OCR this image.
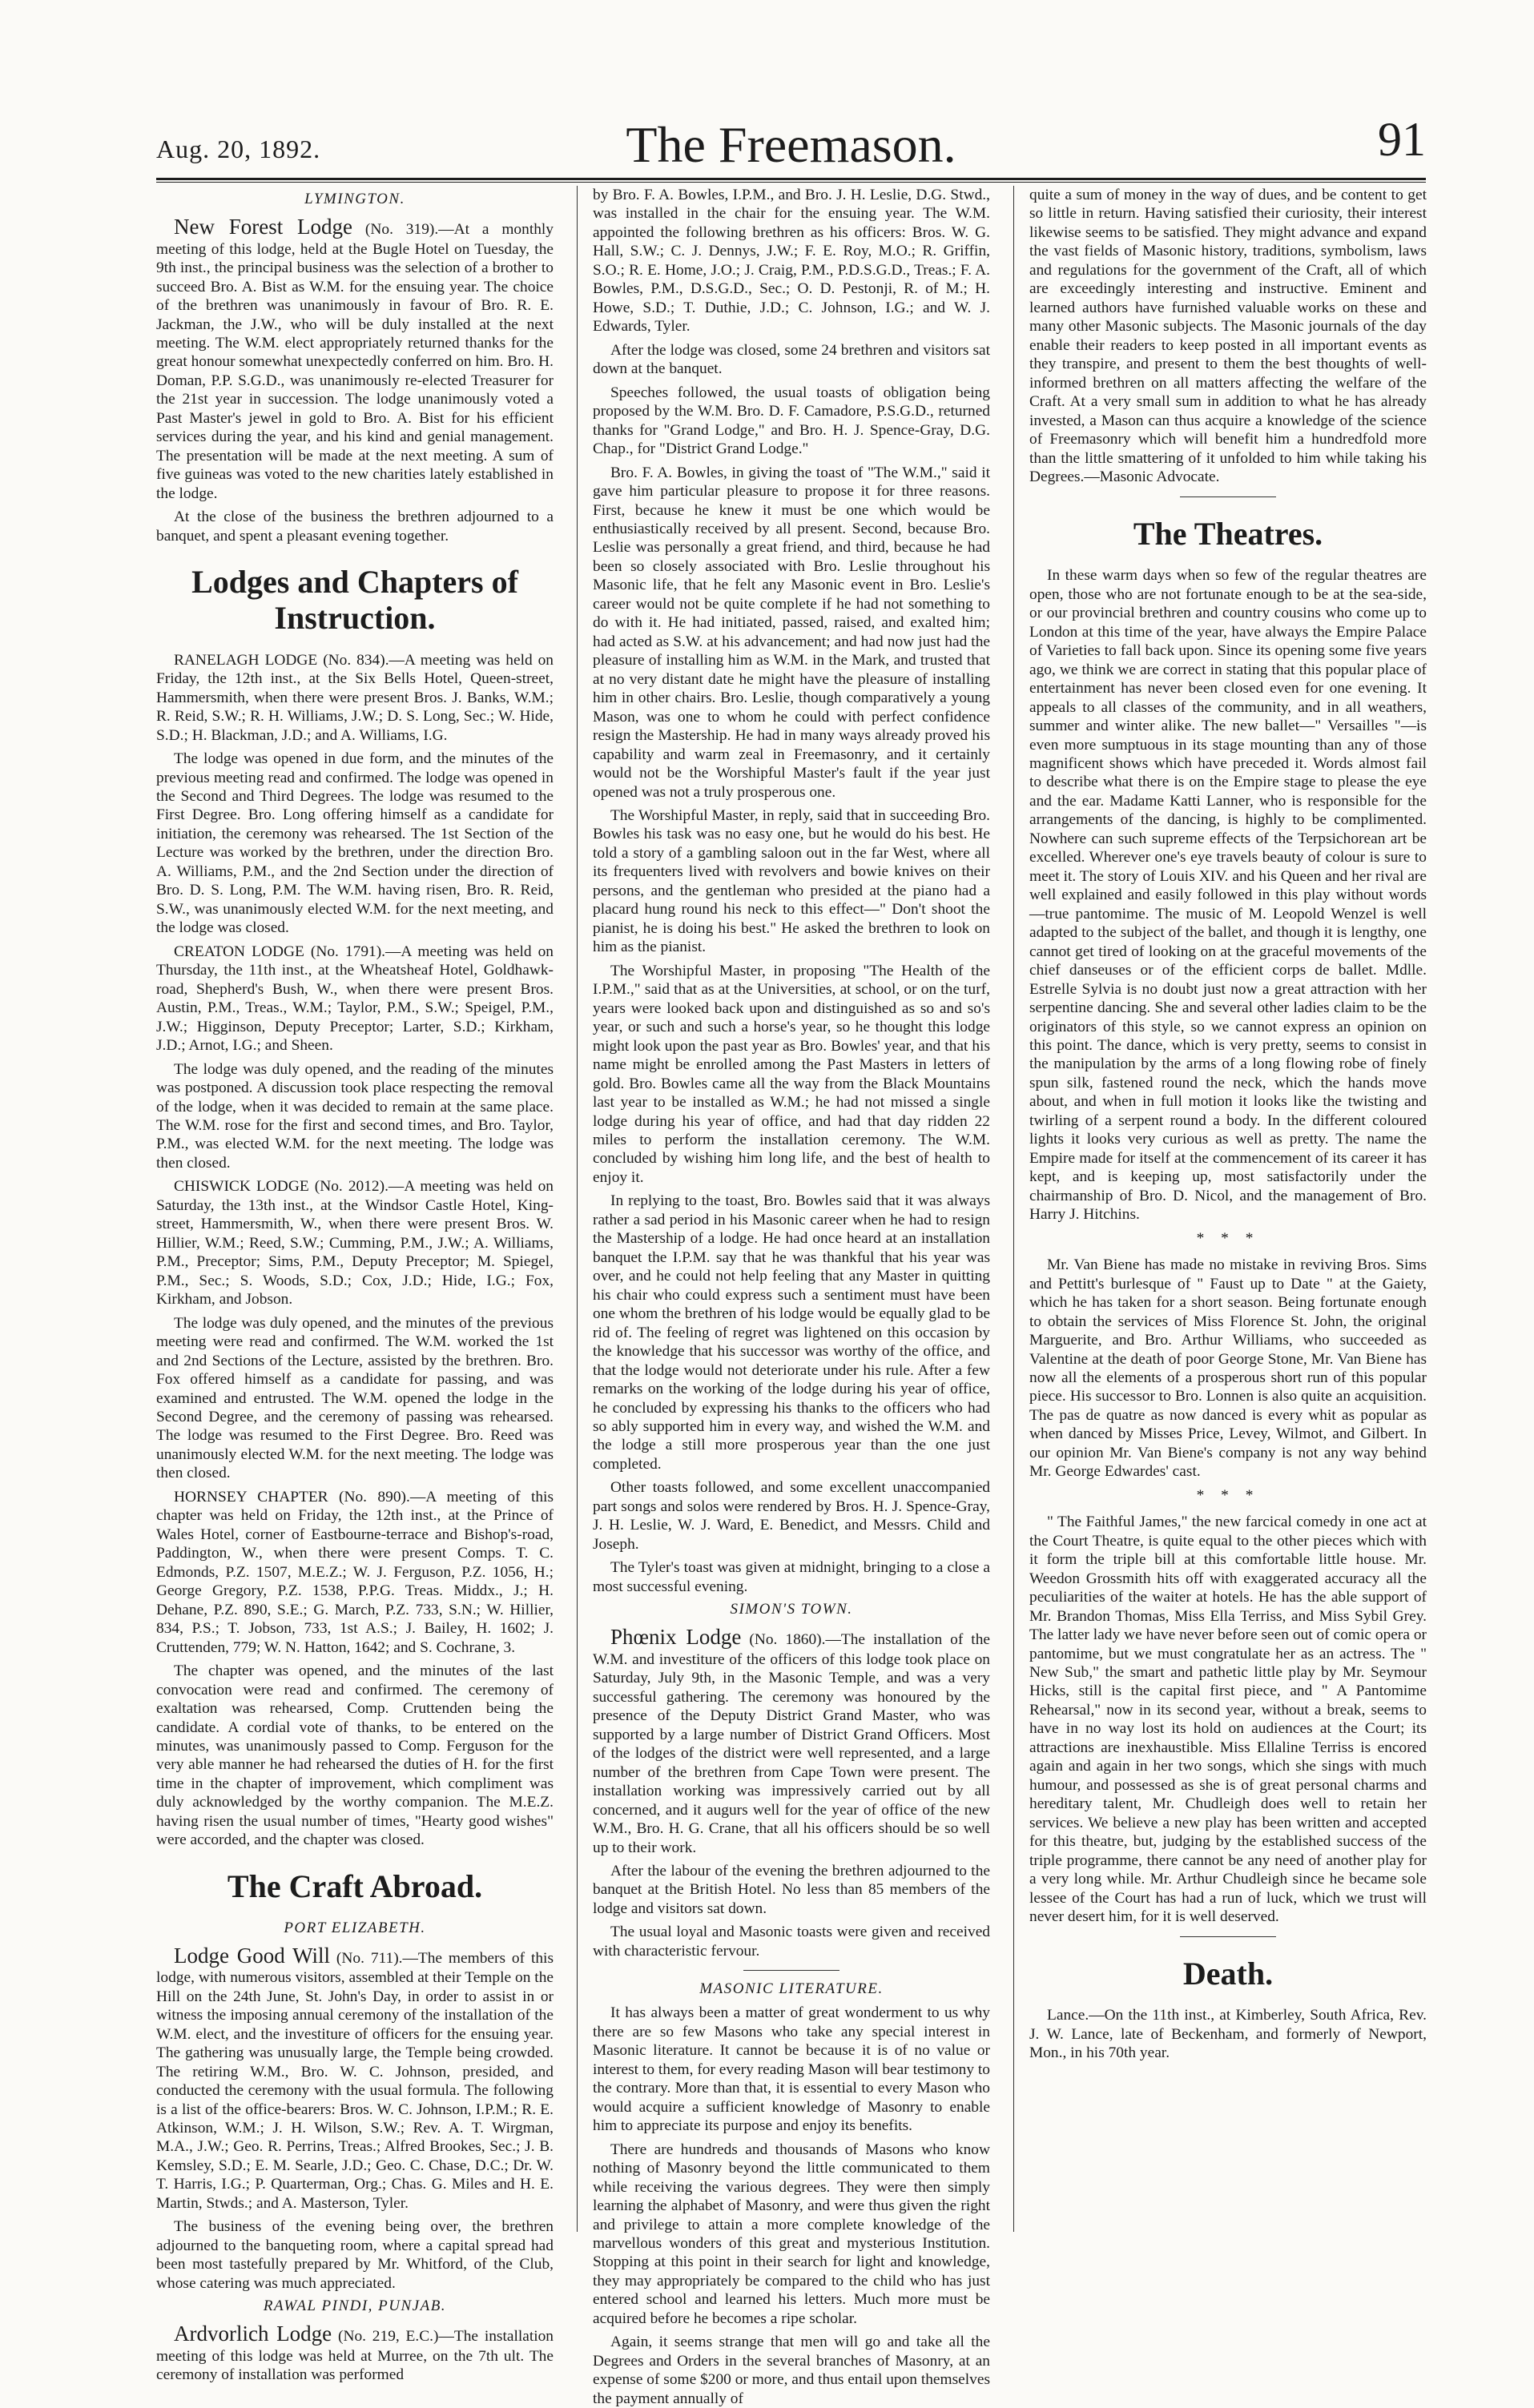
Aug. 20, 1892.	The Freemason.	91
LYMINGTON.

New Forest Lodge (No. 319).—At a monthly meeting of this lodge, held at the Bugle Hotel on Tuesday, the 9th inst., the principal business was the selection of a brother to succeed Bro. A. Bist as W.M. for the ensuing year. The choice of the brethren was unanimously in favour of Bro. R. E. Jackman, the J.W., who will be duly installed at the next meeting. The W.M. elect appropriately returned thanks for the great honour somewhat unexpectedly conferred on him. Bro. H. Doman, P.P. S.G.D., was unanimously re-elected Treasurer for the 21st year in succession. The lodge unanimously voted a Past Master's jewel in gold to Bro. A. Bist for his efficient services during the year, and his kind and genial management. The presentation will be made at the next meeting. A sum of five guineas was voted to the new charities lately established in the lodge.

At the close of the business the brethren adjourned to a banquet, and spent a pleasant evening together.

Lodges and Chapters of Instruction.

RANELAGH LODGE (No. 834).—A meeting was held on Friday, the 12th inst., at the Six Bells Hotel, Queen-street, Hammersmith, when there were present Bros. J. Banks, W.M.; R. Reid, S.W.; R. H. Williams, J.W.; D. S. Long, Sec.; W. Hide, S.D.; H. Blackman, J.D.; and A. Williams, I.G.

The lodge was opened in due form, and the minutes of the previous meeting read and confirmed. The lodge was opened in the Second and Third Degrees. The lodge was resumed to the First Degree. Bro. Long offering himself as a candidate for initiation, the ceremony was rehearsed. The 1st Section of the Lecture was worked by the brethren, under the direction Bro. A. Williams, P.M., and the 2nd Section under the direction of Bro. D. S. Long, P.M. The W.M. having risen, Bro. R. Reid, S.W., was unanimously elected W.M. for the next meeting, and the lodge was closed.

CREATON LODGE (No. 1791).—A meeting was held on Thursday, the 11th inst., at the Wheatsheaf Hotel, Goldhawk-road, Shepherd's Bush, W., when there were present Bros. Austin, P.M., Treas., W.M.; Taylor, P.M., S.W.; Speigel, P.M., J.W.; Higginson, Deputy Preceptor; Larter, S.D.; Kirkham, J.D.; Arnot, I.G.; and Sheen.

The lodge was duly opened, and the reading of the minutes was postponed. A discussion took place respecting the removal of the lodge, when it was decided to remain at the same place. The W.M. rose for the first and second times, and Bro. Taylor, P.M., was elected W.M. for the next meeting. The lodge was then closed.

CHISWICK LODGE (No. 2012).—A meeting was held on Saturday, the 13th inst., at the Windsor Castle Hotel, King-street, Hammersmith, W., when there were present Bros. W. Hillier, W.M.; Reed, S.W.; Cumming, P.M., J.W.; A. Williams, P.M., Preceptor; Sims, P.M., Deputy Preceptor; M. Spiegel, P.M., Sec.; S. Woods, S.D.; Cox, J.D.; Hide, I.G.; Fox, Kirkham, and Jobson.

The lodge was duly opened, and the minutes of the previous meeting were read and confirmed. The W.M. worked the 1st and 2nd Sections of the Lecture, assisted by the brethren. Bro. Fox offered himself as a candidate for passing, and was examined and entrusted. The W.M. opened the lodge in the Second Degree, and the ceremony of passing was rehearsed. The lodge was resumed to the First Degree. Bro. Reed was unanimously elected W.M. for the next meeting. The lodge was then closed.

HORNSEY CHAPTER (No. 890).—A meeting of this chapter was held on Friday, the 12th inst., at the Prince of Wales Hotel, corner of Eastbourne-terrace and Bishop's-road, Paddington, W., when there were present Comps. T. C. Edmonds, P.Z. 1507, M.E.Z.; W. J. Ferguson, P.Z. 1056, H.; George Gregory, P.Z. 1538, P.P.G. Treas. Middx., J.; H. Dehane, P.Z. 890, S.E.; G. March, P.Z. 733, S.N.; W. Hillier, 834, P.S.; T. Jobson, 733, 1st A.S.; J. Bailey, H. 1602; J. Cruttenden, 779; W. N. Hatton, 1642; and S. Cochrane, 3.

The chapter was opened, and the minutes of the last convocation were read and confirmed. The ceremony of exaltation was rehearsed, Comp. Cruttenden being the candidate. A cordial vote of thanks, to be entered on the minutes, was unanimously passed to Comp. Ferguson for the very able manner he had rehearsed the duties of H. for the first time in the chapter of improvement, which compliment was duly acknowledged by the worthy companion. The M.E.Z. having risen the usual number of times, "Hearty good wishes" were accorded, and the chapter was closed.

The Craft Abroad.
PORT ELIZABETH.

Lodge Good Will (No. 711).—The members of this lodge, with numerous visitors, assembled at their Temple on the Hill on the 24th June, St. John's Day, in order to assist in or witness the imposing annual ceremony of the installation of the W.M. elect, and the investiture of officers for the ensuing year. The gathering was unusually large, the Temple being crowded. The retiring W.M., Bro. W. C. Johnson, presided, and conducted the ceremony with the usual formula. The following is a list of the office-bearers: Bros. W. C. Johnson, I.P.M.; R. E. Atkinson, W.M.; J. H. Wilson, S.W.; Rev. A. T. Wirgman, M.A., J.W.; Geo. R. Perrins, Treas.; Alfred Brookes, Sec.; J. B. Kemsley, S.D.; E. M. Searle, J.D.; Geo. C. Chase, D.C.; Dr. W. T. Harris, I.G.; P. Quarterman, Org.; Chas. G. Miles and H. E. Martin, Stwds.; and A. Masterson, Tyler.

The business of the evening being over, the brethren adjourned to the banqueting room, where a capital spread had been most tastefully prepared by Mr. Whitford, of the Club, whose catering was much appreciated.

RAWAL PINDI, PUNJAB.

Ardvorlich Lodge (No. 219, E.C.)—The installation meeting of this lodge was held at Murree, on the 7th ult. The ceremony of installation was performed

by Bro. F. A. Bowles, I.P.M., and Bro. J. H. Leslie, D.G. Stwd., was installed in the chair for the ensuing year. The W.M. appointed the following brethren as his officers: Bros. W. G. Hall, S.W.; C. J. Dennys, J.W.; F. E. Roy, M.O.; R. Griffin, S.O.; R. E. Home, J.O.; J. Craig, P.M., P.D.S.G.D., Treas.; F. A. Bowles, P.M., D.S.G.D., Sec.; O. D. Pestonji, R. of M.; H. Howe, S.D.; T. Duthie, J.D.; C. Johnson, I.G.; and W. J. Edwards, Tyler.

After the lodge was closed, some 24 brethren and visitors sat down at the banquet.

Speeches followed, the usual toasts of obligation being proposed by the W.M. Bro. D. F. Camadore, P.S.G.D., returned thanks for "Grand Lodge," and Bro. H. J. Spence-Gray, D.G. Chap., for "District Grand Lodge."

Bro. F. A. Bowles, in giving the toast of "The W.M.," said it gave him particular pleasure to propose it for three reasons. First, because he knew it must be one which would be enthusiastically received by all present. Second, because Bro. Leslie was personally a great friend, and third, because he had been so closely associated with Bro. Leslie throughout his Masonic life, that he felt any Masonic event in Bro. Leslie's career would not be quite complete if he had not something to do with it. He had initiated, passed, raised, and exalted him; had acted as S.W. at his advancement; and had now just had the pleasure of installing him as W.M. in the Mark, and trusted that at no very distant date he might have the pleasure of installing him in other chairs. Bro. Leslie, though comparatively a young Mason, was one to whom he could with perfect confidence resign the Mastership. He had in many ways already proved his capability and warm zeal in Freemasonry, and it certainly would not be the Worshipful Master's fault if the year just opened was not a truly prosperous one.

The Worshipful Master, in reply, said that in succeeding Bro. Bowles his task was no easy one, but he would do his best. He told a story of a gambling saloon out in the far West, where all its frequenters lived with revolvers and bowie knives on their persons, and the gentleman who presided at the piano had a placard hung round his neck to this effect—" Don't shoot the pianist, he is doing his best." He asked the brethren to look on him as the pianist.

The Worshipful Master, in proposing "The Health of the I.P.M.," said that as at the Universities, at school, or on the turf, years were looked back upon and distinguished as so and so's year, or such and such a horse's year, so he thought this lodge might look upon the past year as Bro. Bowles' year, and that his name might be enrolled among the Past Masters in letters of gold. Bro. Bowles came all the way from the Black Mountains last year to be installed as W.M.; he had not missed a single lodge during his year of office, and had that day ridden 22 miles to perform the installation ceremony. The W.M. concluded by wishing him long life, and the best of health to enjoy it.

In replying to the toast, Bro. Bowles said that it was always rather a sad period in his Masonic career when he had to resign the Mastership of a lodge. He had once heard at an installation banquet the I.P.M. say that he was thankful that his year was over, and he could not help feeling that any Master in quitting his chair who could express such a sentiment must have been one whom the brethren of his lodge would be equally glad to be rid of. The feeling of regret was lightened on this occasion by the knowledge that his successor was worthy of the office, and that the lodge would not deteriorate under his rule. After a few remarks on the working of the lodge during his year of office, he concluded by expressing his thanks to the officers who had so ably supported him in every way, and wished the W.M. and the lodge a still more prosperous year than the one just completed.

Other toasts followed, and some excellent unaccompanied part songs and solos were rendered by Bros. H. J. Spence-Gray, J. H. Leslie, W. J. Ward, E. Benedict, and Messrs. Child and Joseph.

The Tyler's toast was given at midnight, bringing to a close a most successful evening.

SIMON'S TOWN.

Phœnix Lodge (No. 1860).—The installation of the W.M. and investiture of the officers of this lodge took place on Saturday, July 9th, in the Masonic Temple, and was a very successful gathering. The ceremony was honoured by the presence of the Deputy District Grand Master, who was supported by a large number of District Grand Officers. Most of the lodges of the district were well represented, and a large number of the brethren from Cape Town were present. The installation working was impressively carried out by all concerned, and it augurs well for the year of office of the new W.M., Bro. H. G. Crane, that all his officers should be so well up to their work.

After the labour of the evening the brethren adjourned to the banquet at the British Hotel. No less than 85 members of the lodge and visitors sat down.

The usual loyal and Masonic toasts were given and received with characteristic fervour.

MASONIC LITERATURE.

It has always been a matter of great wonderment to us why there are so few Masons who take any special interest in Masonic literature. It cannot be because it is of no value or interest to them, for every reading Mason will bear testimony to the contrary. More than that, it is essential to every Mason who would acquire a sufficient knowledge of Masonry to enable him to appreciate its purpose and enjoy its benefits.

There are hundreds and thousands of Masons who know nothing of Masonry beyond the little communicated to them while receiving the various degrees. They were then simply learning the alphabet of Masonry, and were thus given the right and privilege to attain a more complete knowledge of the marvellous wonders of this great and mysterious Institution. Stopping at this point in their search for light and knowledge, they may appropriately be compared to the child who has just entered school and learned his letters. Much more must be acquired before he becomes a ripe scholar.

Again, it seems strange that men will go and take all the Degrees and Orders in the several branches of Masonry, at an expense of some $200 or more, and thus entail upon themselves the payment annually of

quite a sum of money in the way of dues, and be content to get so little in return. Having satisfied their curiosity, their interest likewise seems to be satisfied. They might advance and expand the vast fields of Masonic history, traditions, symbolism, laws and regulations for the government of the Craft, all of which are exceedingly interesting and instructive. Eminent and learned authors have furnished valuable works on these and many other Masonic subjects. The Masonic journals of the day enable their readers to keep posted in all important events as they transpire, and present to them the best thoughts of well-informed brethren on all matters affecting the welfare of the Craft. At a very small sum in addition to what he has already invested, a Mason can thus acquire a knowledge of the science of Freemasonry which will benefit him a hundredfold more than the little smattering of it unfolded to him while taking his Degrees.—Masonic Advocate.

The Theatres.

In these warm days when so few of the regular theatres are open, those who are not fortunate enough to be at the sea-side, or our provincial brethren and country cousins who come up to London at this time of the year, have always the Empire Palace of Varieties to fall back upon. Since its opening some five years ago, we think we are correct in stating that this popular place of entertainment has never been closed even for one evening. It appeals to all classes of the community, and in all weathers, summer and winter alike. The new ballet—" Versailles "—is even more sumptuous in its stage mounting than any of those magnificent shows which have preceded it. Words almost fail to describe what there is on the Empire stage to please the eye and the ear. Madame Katti Lanner, who is responsible for the arrangements of the dancing, is highly to be complimented. Nowhere can such supreme effects of the Terpsichorean art be excelled. Wherever one's eye travels beauty of colour is sure to meet it. The story of Louis XIV. and his Queen and her rival are well explained and easily followed in this play without words—true pantomime. The music of M. Leopold Wenzel is well adapted to the subject of the ballet, and though it is lengthy, one cannot get tired of looking on at the graceful movements of the chief danseuses or of the efficient corps de ballet. Mdlle. Estrelle Sylvia is no doubt just now a great attraction with her serpentine dancing. She and several other ladies claim to be the originators of this style, so we cannot express an opinion on this point. The dance, which is very pretty, seems to consist in the manipulation by the arms of a long flowing robe of finely spun silk, fastened round the neck, which the hands move about, and when in full motion it looks like the twisting and twirling of a serpent round a body. In the different coloured lights it looks very curious as well as pretty. The name the Empire made for itself at the commencement of its career it has kept, and is keeping up, most satisfactorily under the chairmanship of Bro. D. Nicol, and the management of Bro. Harry J. Hitchins.

* * *

Mr. Van Biene has made no mistake in reviving Bros. Sims and Pettitt's burlesque of " Faust up to Date " at the Gaiety, which he has taken for a short season. Being fortunate enough to obtain the services of Miss Florence St. John, the original Marguerite, and Bro. Arthur Williams, who succeeded as Valentine at the death of poor George Stone, Mr. Van Biene has now all the elements of a prosperous short run of this popular piece. His successor to Bro. Lonnen is also quite an acquisition. The pas de quatre as now danced is every whit as popular as when danced by Misses Price, Levey, Wilmot, and Gilbert. In our opinion Mr. Van Biene's company is not any way behind Mr. George Edwardes' cast.

* * *

" The Faithful James," the new farcical comedy in one act at the Court Theatre, is quite equal to the other pieces which with it form the triple bill at this comfortable little house. Mr. Weedon Grossmith hits off with exaggerated accuracy all the peculiarities of the waiter at hotels. He has the able support of Mr. Brandon Thomas, Miss Ella Terriss, and Miss Sybil Grey. The latter lady we have never before seen out of comic opera or pantomime, but we must congratulate her as an actress. The " New Sub," the smart and pathetic little play by Mr. Seymour Hicks, still is the capital first piece, and " A Pantomime Rehearsal," now in its second year, without a break, seems to have in no way lost its hold on audiences at the Court; its attractions are inexhaustible. Miss Ellaline Terriss is encored again and again in her two songs, which she sings with much humour, and possessed as she is of great personal charms and hereditary talent, Mr. Chudleigh does well to retain her services. We believe a new play has been written and accepted for this theatre, but, judging by the established success of the triple programme, there cannot be any need of another play for a very long while. Mr. Arthur Chudleigh since he became sole lessee of the Court has had a run of luck, which we trust will never desert him, for it is well deserved.

Death.

Lance.—On the 11th inst., at Kimberley, South Africa, Rev. J. W. Lance, late of Beckenham, and formerly of Newport, Mon., in his 70th year.
